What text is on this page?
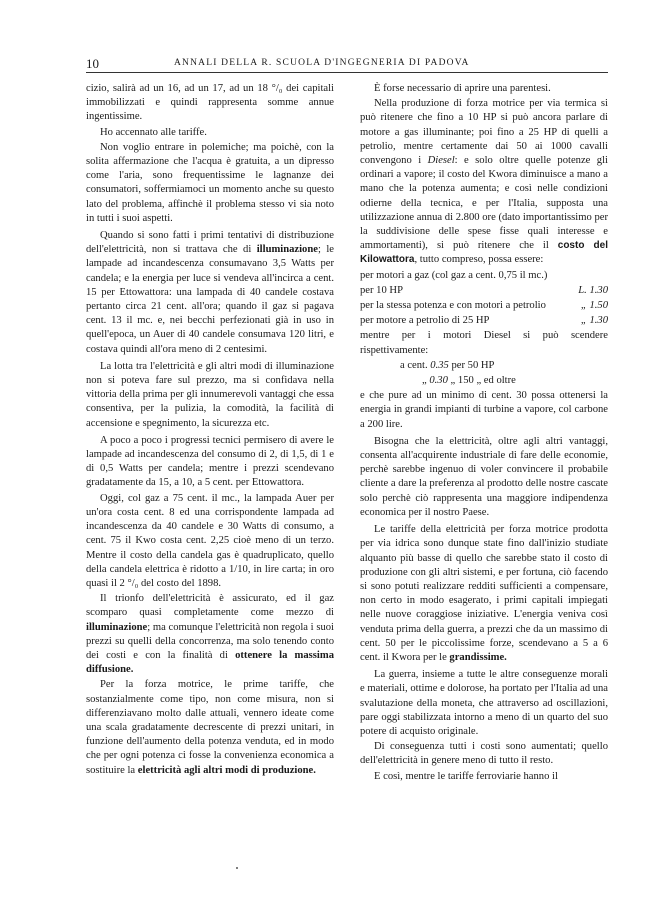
10	ANNALI DELLA R. SCUOLA D'INGEGNERIA DI PADOVA

cizio, salirà ad un 16, ad un 17, ad un 18 °/₀ dei capitali immobilizzati e quindi rappresenta somme annue ingentissime.

Ho accennato alle tariffe.

Non voglio entrare in polemiche; ma poichè, con la solita affermazione che l'acqua è gratuita, a un dipresso come l'aria, sono frequentissime le lagnanze dei consumatori, soffermiamoci un momento anche su questo lato del problema, affinchè il problema stesso vi sia noto in tutti i suoi aspetti.

Quando si sono fatti i primi tentativi di distribuzione dell'elettricità, non si trattava che di illuminazione; le lampade ad incandescenza consumavano 3,5 Watts per candela; e la energia per luce si vendeva all'incirca a cent. 15 per Ettowattora: una lampada di 40 candele costava pertanto circa 21 cent. all'ora; quando il gaz si pagava cent. 13 il mc. e, nei becchi perfezionati già in uso in quell'epoca, un Auer di 40 candele consumava 120 litri, e costava quindi all'ora meno di 2 centesimi.

La lotta tra l'elettricità e gli altri modi di illuminazione non si poteva fare sul prezzo, ma si confidava nella vittoria della prima per gli innumerevoli vantaggi che essa consentiva, per la pulizia, la comodità, la facilità di accensione e spegnimento, la sicurezza etc.

A poco a poco i progressi tecnici permisero di avere le lampade ad incandescenza del consumo di 2, di 1,5, di 1 e di 0,5 Watts per candela; mentre i prezzi scendevano gradatamente da 15, a 10, a 5 cent. per Ettowattora.

Oggi, col gaz a 75 cent. il mc., la lampada Auer per un'ora costa cent. 8 ed una corrispondente lampada ad incandescenza da 40 candele e 30 Watts di consumo, a cent. 75 il Kwo costa cent. 2,25 cioè meno di un terzo. Mentre il costo della candela gas è quadruplicato, quello della candela elettrica è ridotto a 1/10, in lire carta; in oro quasi il 2 °/₀ del costo del 1898.

Il trionfo dell'elettricità è assicurato, ed il gaz scomparo quasi completamente come mezzo di illuminazione; ma comunque l'elettricità non regola i suoi prezzi su quelli della concorrenza, ma solo tenendo conto dei costi e con la finalità di ottenere la massima diffusione.

Per la forza motrice, le prime tariffe, che sostanzialmente come tipo, non come misura, non si differenziavano molto dalle attuali, vennero ideate come una scala gradatamente decrescente di prezzi unitari, in funzione dell'aumento della potenza venduta, ed in modo che per ogni potenza ci fosse la convenienza economica a sostituire la elettricità agli altri modi di produzione.

È forse necessario di aprire una parentesi.

Nella produzione di forza motrice per via termica si può ritenere che fino a 10 HP si può ancora parlare di motore a gas illuminante; poi fino a 25 HP di quelli a petrolio, mentre certamente dai 50 ai 1000 cavalli convengono i Diesel: e solo oltre quelle potenze gli ordinari a vapore; il costo del Kwora diminuisce a mano a mano che la potenza aumenta; e così nelle condizioni odierne della tecnica, e per l'Italia, supposta una utilizzazione annua di 2.800 ore (dato importantissimo per la suddivisione delle spese fisse quali interesse e ammortamenti), si può ritenere che il costo del Kilowattora, tutto compreso, possa essere:

per motori a gaz (col gaz a cent. 0,75 il mc.)

per 10 HP	L. 1.30

per la stessa potenza e con motori a petrolio	„ 1.50

per motore a petrolio di 25 HP	„ 1.30

mentre per i motori Diesel si può scendere rispettivamente:

a cent. 0.35 per 50 HP

„ 0.30 „ 150 „ ed oltre

e che pure ad un minimo di cent. 30 possa ottenersi la energia in grandi impianti di turbine a vapore, col carbone a 200 lire.

Bisogna che la elettricità, oltre agli altri vantaggi, consenta all'acquirente industriale di fare delle economie, perchè sarebbe ingenuo di voler convincere il probabile cliente a dare la preferenza al prodotto delle nostre cascate solo perchè ciò rappresenta una maggiore indipendenza economica per il nostro Paese.

Le tariffe della elettricità per forza motrice prodotta per via idrica sono dunque state fino dall'inizio studiate alquanto più basse di quello che sarebbe stato il costo di produzione con gli altri sistemi, e per fortuna, ciò facendo si sono potuti realizzare redditi sufficienti a compensare, non certo in modo esagerato, i primi capitali impiegati nelle nuove coraggiose iniziative. L'energia veniva così venduta prima della guerra, a prezzi che da un massimo di cent. 50 per le piccolissime forze, scendevano a 5 a 6 cent. il Kwora per le grandissime.

La guerra, insieme a tutte le altre conseguenze morali e materiali, ottime e dolorose, ha portato per l'Italia ad una svalutazione della moneta, che attraverso ad oscillazioni, pare oggi stabilizzata intorno a meno di un quarto del suo potere di acquisto originale.

Di conseguenza tutti i costi sono aumentati; quello dell'elettricità in genere meno di tutto il resto.

E così, mentre le tariffe ferroviarie hanno il
